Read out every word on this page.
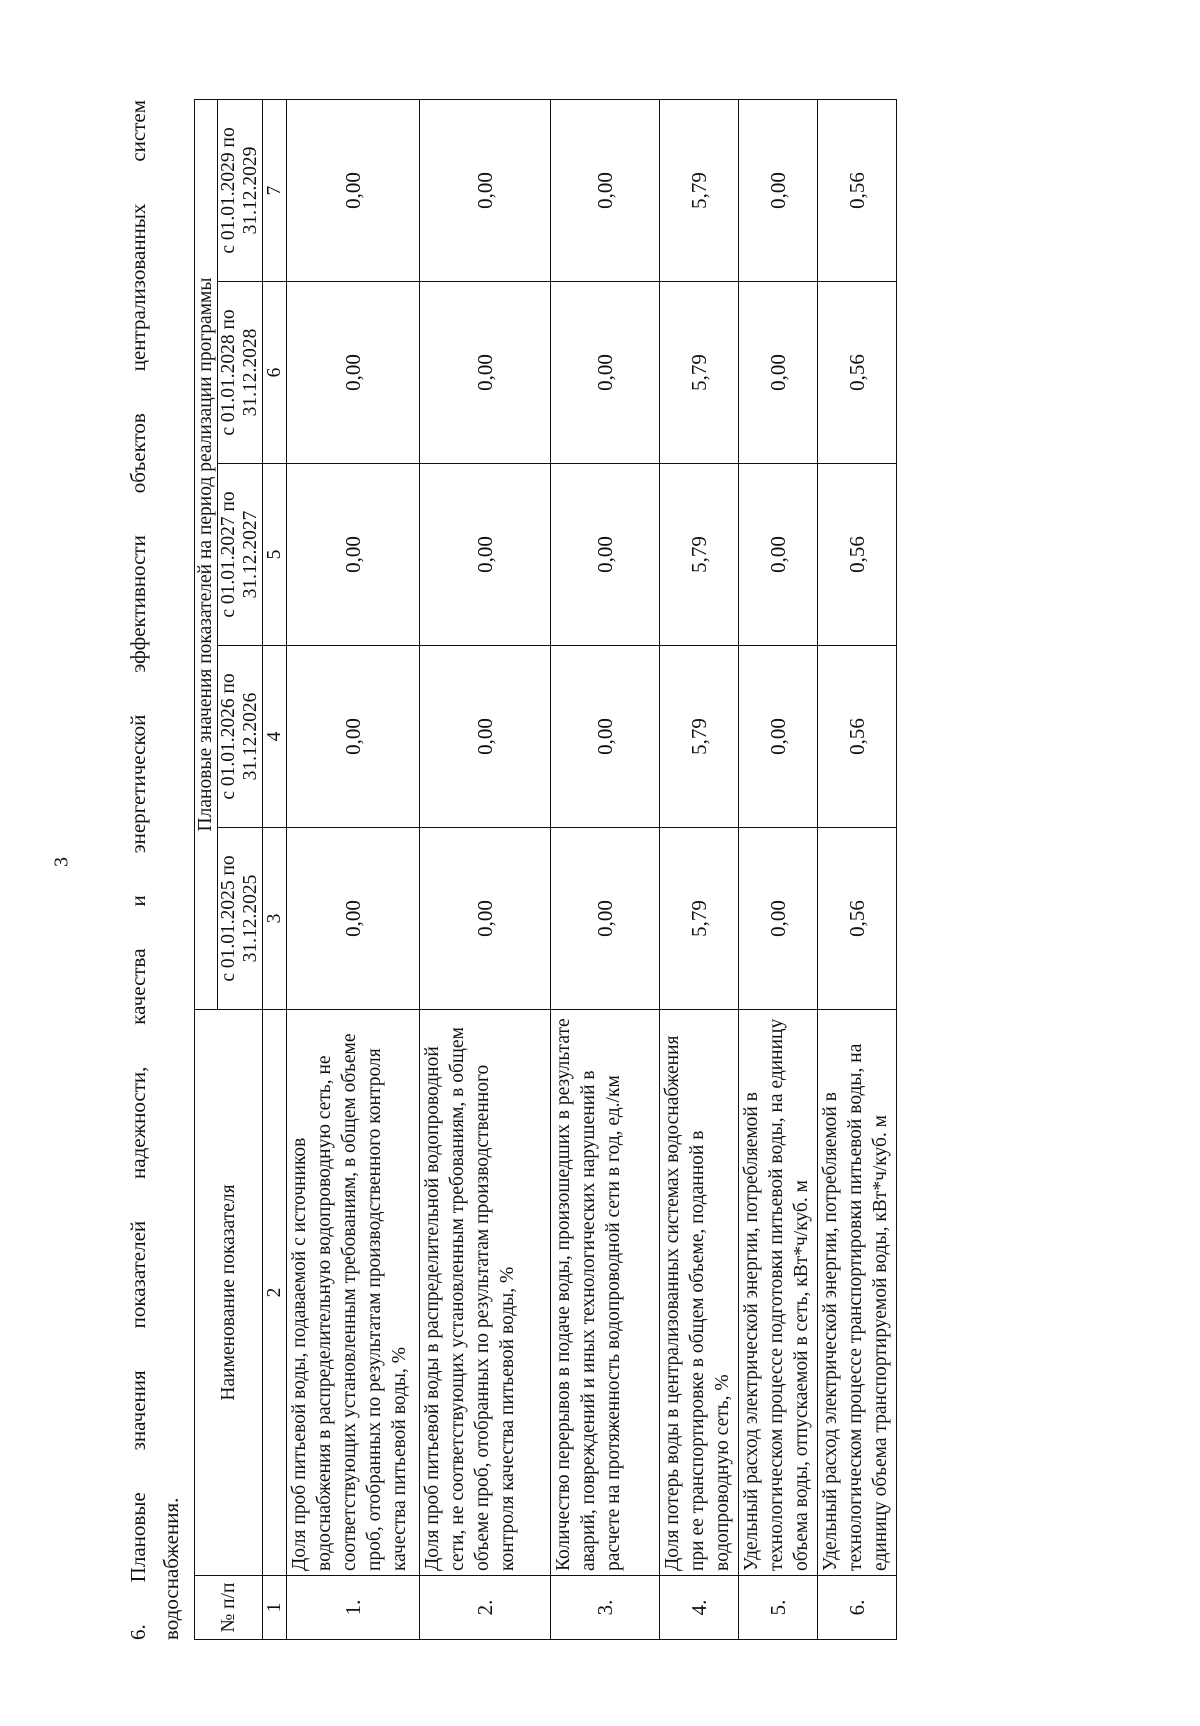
3	6. Плановые значения показателей надежности, качества и энергетической эффективности объектов централизованных систем водоснабжения. № п/п	Наименование показателя	Плановые значения показателей на период реализации программы				
		с 01.01.2025 по 31.12.2025	с 01.01.2026 по 31.12.2026	с 01.01.2027 по 31.12.2027	с 01.01.2028 по 31.12.2028	с 01.01.2029 по 31.12.2029
1	2	3	4	5	6	7
1.	Доля проб питьевой воды, подаваемой с источников водоснабжения в распределительную водопроводную сеть, не соответствующих установленным требованиям, в общем объеме проб, отобранных по результатам производственного контроля качества питьевой воды, %	0,00	0,00	0,00	0,00	0,00
2.	Доля проб питьевой воды в распределительной водопроводной сети, не соответствующих установленным требованиям, в общем объеме проб, отобранных по результатам производственного контроля качества питьевой воды, %	0,00	0,00	0,00	0,00	0,00
3.	Количество перерывов в подаче воды, произошедших в результате аварий, повреждений и иных технологических нарушений в расчете на протяженность водопроводной сети в год, ед./км	0,00	0,00	0,00	0,00	0,00
4.	Доля потерь воды в централизованных системах водоснабжения при ее транспортировке в общем объеме, поданной в водопроводную сеть, %	5,79	5,79	5,79	5,79	5,79
5.	Удельный расход электрической энергии, потребляемой в технологическом процессе подготовки питьевой воды, на единицу объема воды, отпускаемой в сеть, кВт*ч/куб. м	0,00	0,00	0,00	0,00	0,00
6.	Удельный расход электрической энергии, потребляемой в технологическом процессе транспортировки питьевой воды, на единицу объема транспортируемой воды, кВт*ч/куб. м	0,56	0,56	0,56	0,56	0,56
